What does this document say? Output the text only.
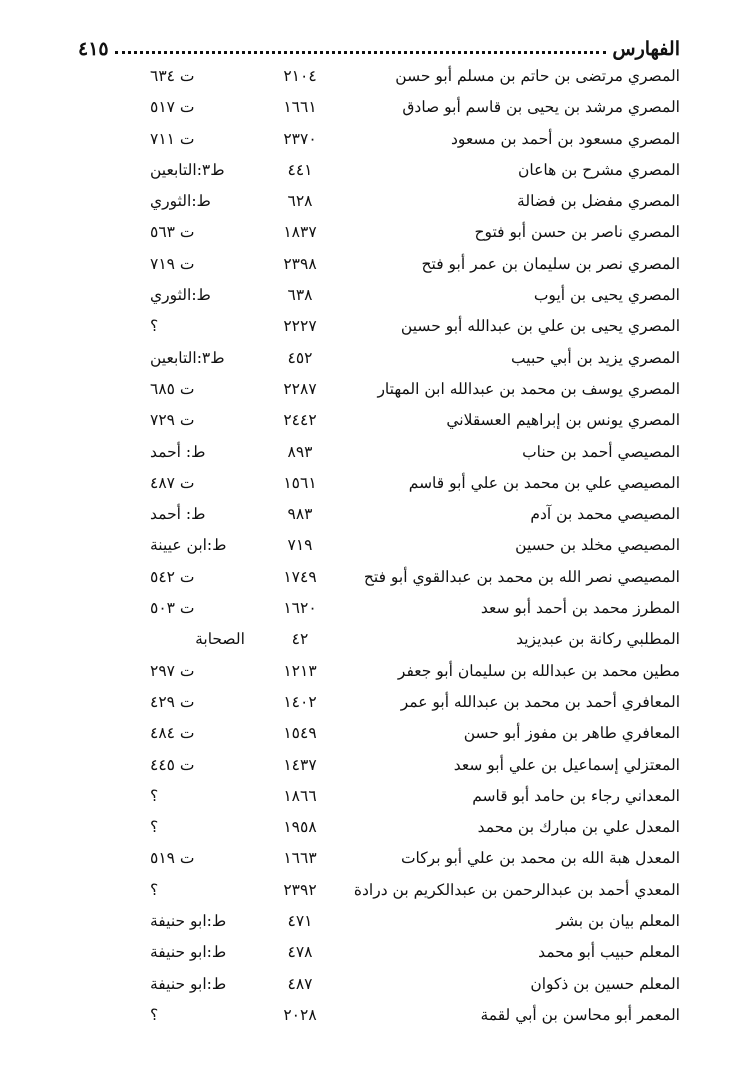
الفهارس
٤١٥
المصري مرتضى بن حاتم بن مسلم أبو حسن
٢١٠٤
ت ٦٣٤
المصري مرشد بن يحيى بن قاسم أبو صادق
١٦٦١
ت ٥١٧
المصري مسعود بن أحمد بن مسعود
٢٣٧٠
ت ٧١١
المصري مشرح بن هاعان
٤٤١
ط٣:التابعين
المصري مفضل بن فضالة
٦٢٨
ط:الثوري
المصري ناصر بن حسن أبو فتوح
١٨٣٧
ت ٥٦٣
المصري نصر بن سليمان بن عمر أبو فتح
٢٣٩٨
ت ٧١٩
المصري يحيى بن أيوب
٦٣٨
ط:الثوري
المصري يحيى بن علي بن عبدالله أبو حسين
٢٢٢٧
؟
المصري يزيد بن أبي حبيب
٤٥٢
ط٣:التابعين
المصري يوسف بن محمد بن عبدالله ابن المهتار
٢٢٨٧
ت ٦٨٥
المصري يونس بن إبراهيم العسقلاني
٢٤٤٢
ت ٧٢٩
المصيصي أحمد بن حناب
٨٩٣
ط: أحمد
المصيصي علي بن محمد بن علي أبو قاسم
١٥٦١
ت ٤٨٧
المصيصي محمد بن آدم
٩٨٣
ط: أحمد
المصيصي مخلد بن حسين
٧١٩
ط:ابن عيينة
المصيصي نصر الله بن محمد بن عبدالقوي أبو فتح
١٧٤٩
ت ٥٤٢
المطرز محمد بن أحمد أبو سعد
١٦٢٠
ت ٥٠٣
المطلبي ركانة بن عبديزيد
٤٢
الصحابة
مطين محمد بن عبدالله بن سليمان أبو جعفر
١٢١٣
ت ٢٩٧
المعافري أحمد بن محمد بن عبدالله أبو عمر
١٤٠٢
ت ٤٢٩
المعافري طاهر بن مفوز أبو حسن
١٥٤٩
ت ٤٨٤
المعتزلي إسماعيل بن علي أبو سعد
١٤٣٧
ت ٤٤٥
المعداني رجاء بن حامد أبو قاسم
١٨٦٦
؟
المعدل علي بن مبارك بن محمد
١٩٥٨
؟
المعدل هبة الله بن محمد بن علي أبو بركات
١٦٦٣
ت ٥١٩
المعدي أحمد بن عبدالرحمن بن عبدالكريم بن درادة
٢٣٩٢
؟
المعلم بيان بن بشر
٤٧١
ط:ابو حنيفة
المعلم حبيب أبو محمد
٤٧٨
ط:ابو حنيفة
المعلم حسين بن ذكوان
٤٨٧
ط:ابو حنيفة
المعمر أبو محاسن بن أبي لقمة
٢٠٢٨
؟
